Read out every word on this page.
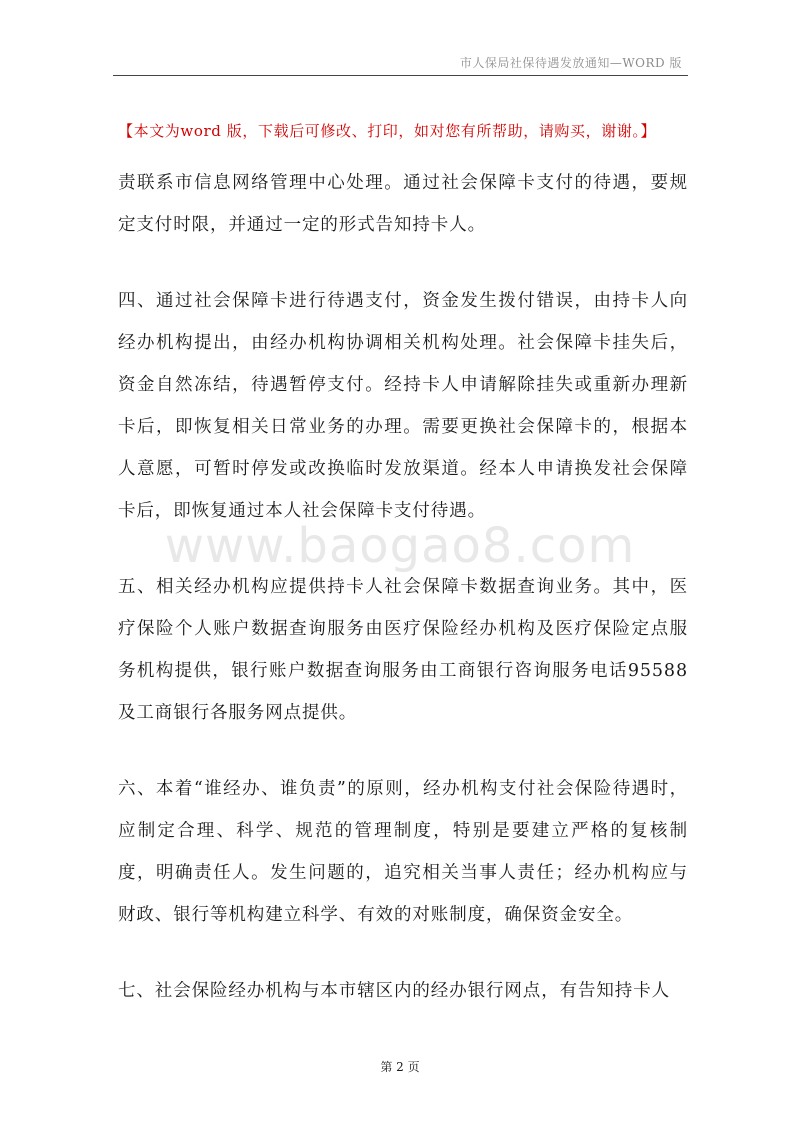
市人保局社保待遇发放通知—WORD 版
【本文为word 版，下载后可修改、打印，如对您有所帮助，请购买，谢谢。】

责联系市信息网络管理中心处理。通过社会保障卡支付的待遇，要规定支付时限，并通过一定的形式告知持卡人。

四、通过社会保障卡进行待遇支付，资金发生拨付错误，由持卡人向经办机构提出，由经办机构协调相关机构处理。社会保障卡挂失后，资金自然冻结，待遇暂停支付。经持卡人申请解除挂失或重新办理新卡后，即恢复相关日常业务的办理。需要更换社会保障卡的，根据本人意愿，可暂时停发或改换临时发放渠道。经本人申请换发社会保障卡后，即恢复通过本人社会保障卡支付待遇。

五、相关经办机构应提供持卡人社会保障卡数据查询业务。其中，医疗保险个人账户数据查询服务由医疗保险经办机构及医疗保险定点服务机构提供，银行账户数据查询服务由工商银行咨询服务电话95588 及工商银行各服务网点提供。

六、本着“谁经办、谁负责”的原则，经办机构支付社会保险待遇时，应制定合理、科学、规范的管理制度，特别是要建立严格的复核制度，明确责任人。发生问题的，追究相关当事人责任；经办机构应与财政、银行等机构建立科学、有效的对账制度，确保资金安全。

七、社会保险经办机构与本市辖区内的经办银行网点，有告知持卡人

www.baogao8.com
第 2 页
